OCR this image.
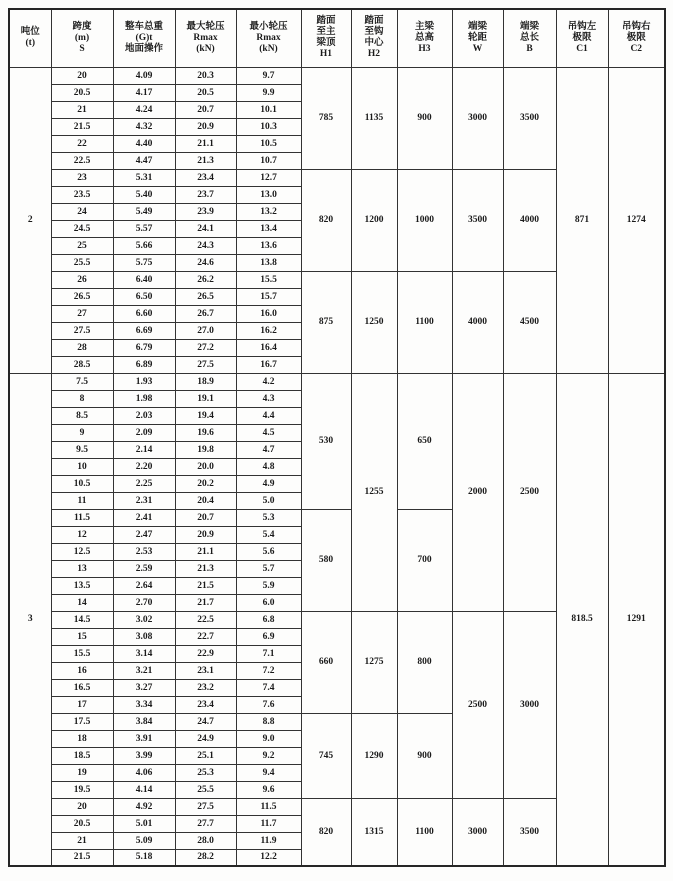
吨位
(t)	跨度
(m)
S	整车总重
(G)t
地面操作	最大轮压
Rmax
(kN)	最小轮压
Rmax
(kN)	踏面
至主
梁顶
H1	踏面
至钩
中心
H2	主梁
总高
H3	端梁
轮距
W	端梁
总长
B	吊钩左
极限
C1	吊钩右
极限
C2
2	20	4.09	20.3	9.7	785	1135	900	3000	3500	871	1274
	20.5	4.17	20.5	9.9							
	21	4.24	20.7	10.1							
	21.5	4.32	20.9	10.3							
	22	4.40	21.1	10.5							
	22.5	4.47	21.3	10.7							
	23	5.31	23.4	12.7	820	1200	1000	3500	4000		
	23.5	5.40	23.7	13.0							
	24	5.49	23.9	13.2							
	24.5	5.57	24.1	13.4							
	25	5.66	24.3	13.6							
	25.5	5.75	24.6	13.8							
	26	6.40	26.2	15.5	875	1250	1100	4000	4500		
	26.5	6.50	26.5	15.7							
	27	6.60	26.7	16.0							
	27.5	6.69	27.0	16.2							
	28	6.79	27.2	16.4							
	28.5	6.89	27.5	16.7							
3	7.5	1.93	18.9	4.2	530	1255	650	2000	2500	818.5	1291
	8	1.98	19.1	4.3							
	8.5	2.03	19.4	4.4							
	9	2.09	19.6	4.5							
	9.5	2.14	19.8	4.7							
	10	2.20	20.0	4.8							
	10.5	2.25	20.2	4.9							
	11	2.31	20.4	5.0							
	11.5	2.41	20.7	5.3	580		700				
	12	2.47	20.9	5.4							
	12.5	2.53	21.1	5.6							
	13	2.59	21.3	5.7							
	13.5	2.64	21.5	5.9							
	14	2.70	21.7	6.0							
	14.5	3.02	22.5	6.8	660	1275	800	2500	3000		
	15	3.08	22.7	6.9							
	15.5	3.14	22.9	7.1							
	16	3.21	23.1	7.2							
	16.5	3.27	23.2	7.4							
	17	3.34	23.4	7.6							
	17.5	3.84	24.7	8.8	745	1290	900				
	18	3.91	24.9	9.0							
	18.5	3.99	25.1	9.2							
	19	4.06	25.3	9.4							
	19.5	4.14	25.5	9.6							
	20	4.92	27.5	11.5	820	1315	1100	3000	3500		
	20.5	5.01	27.7	11.7							
	21	5.09	28.0	11.9							
	21.5	5.18	28.2	12.2							
